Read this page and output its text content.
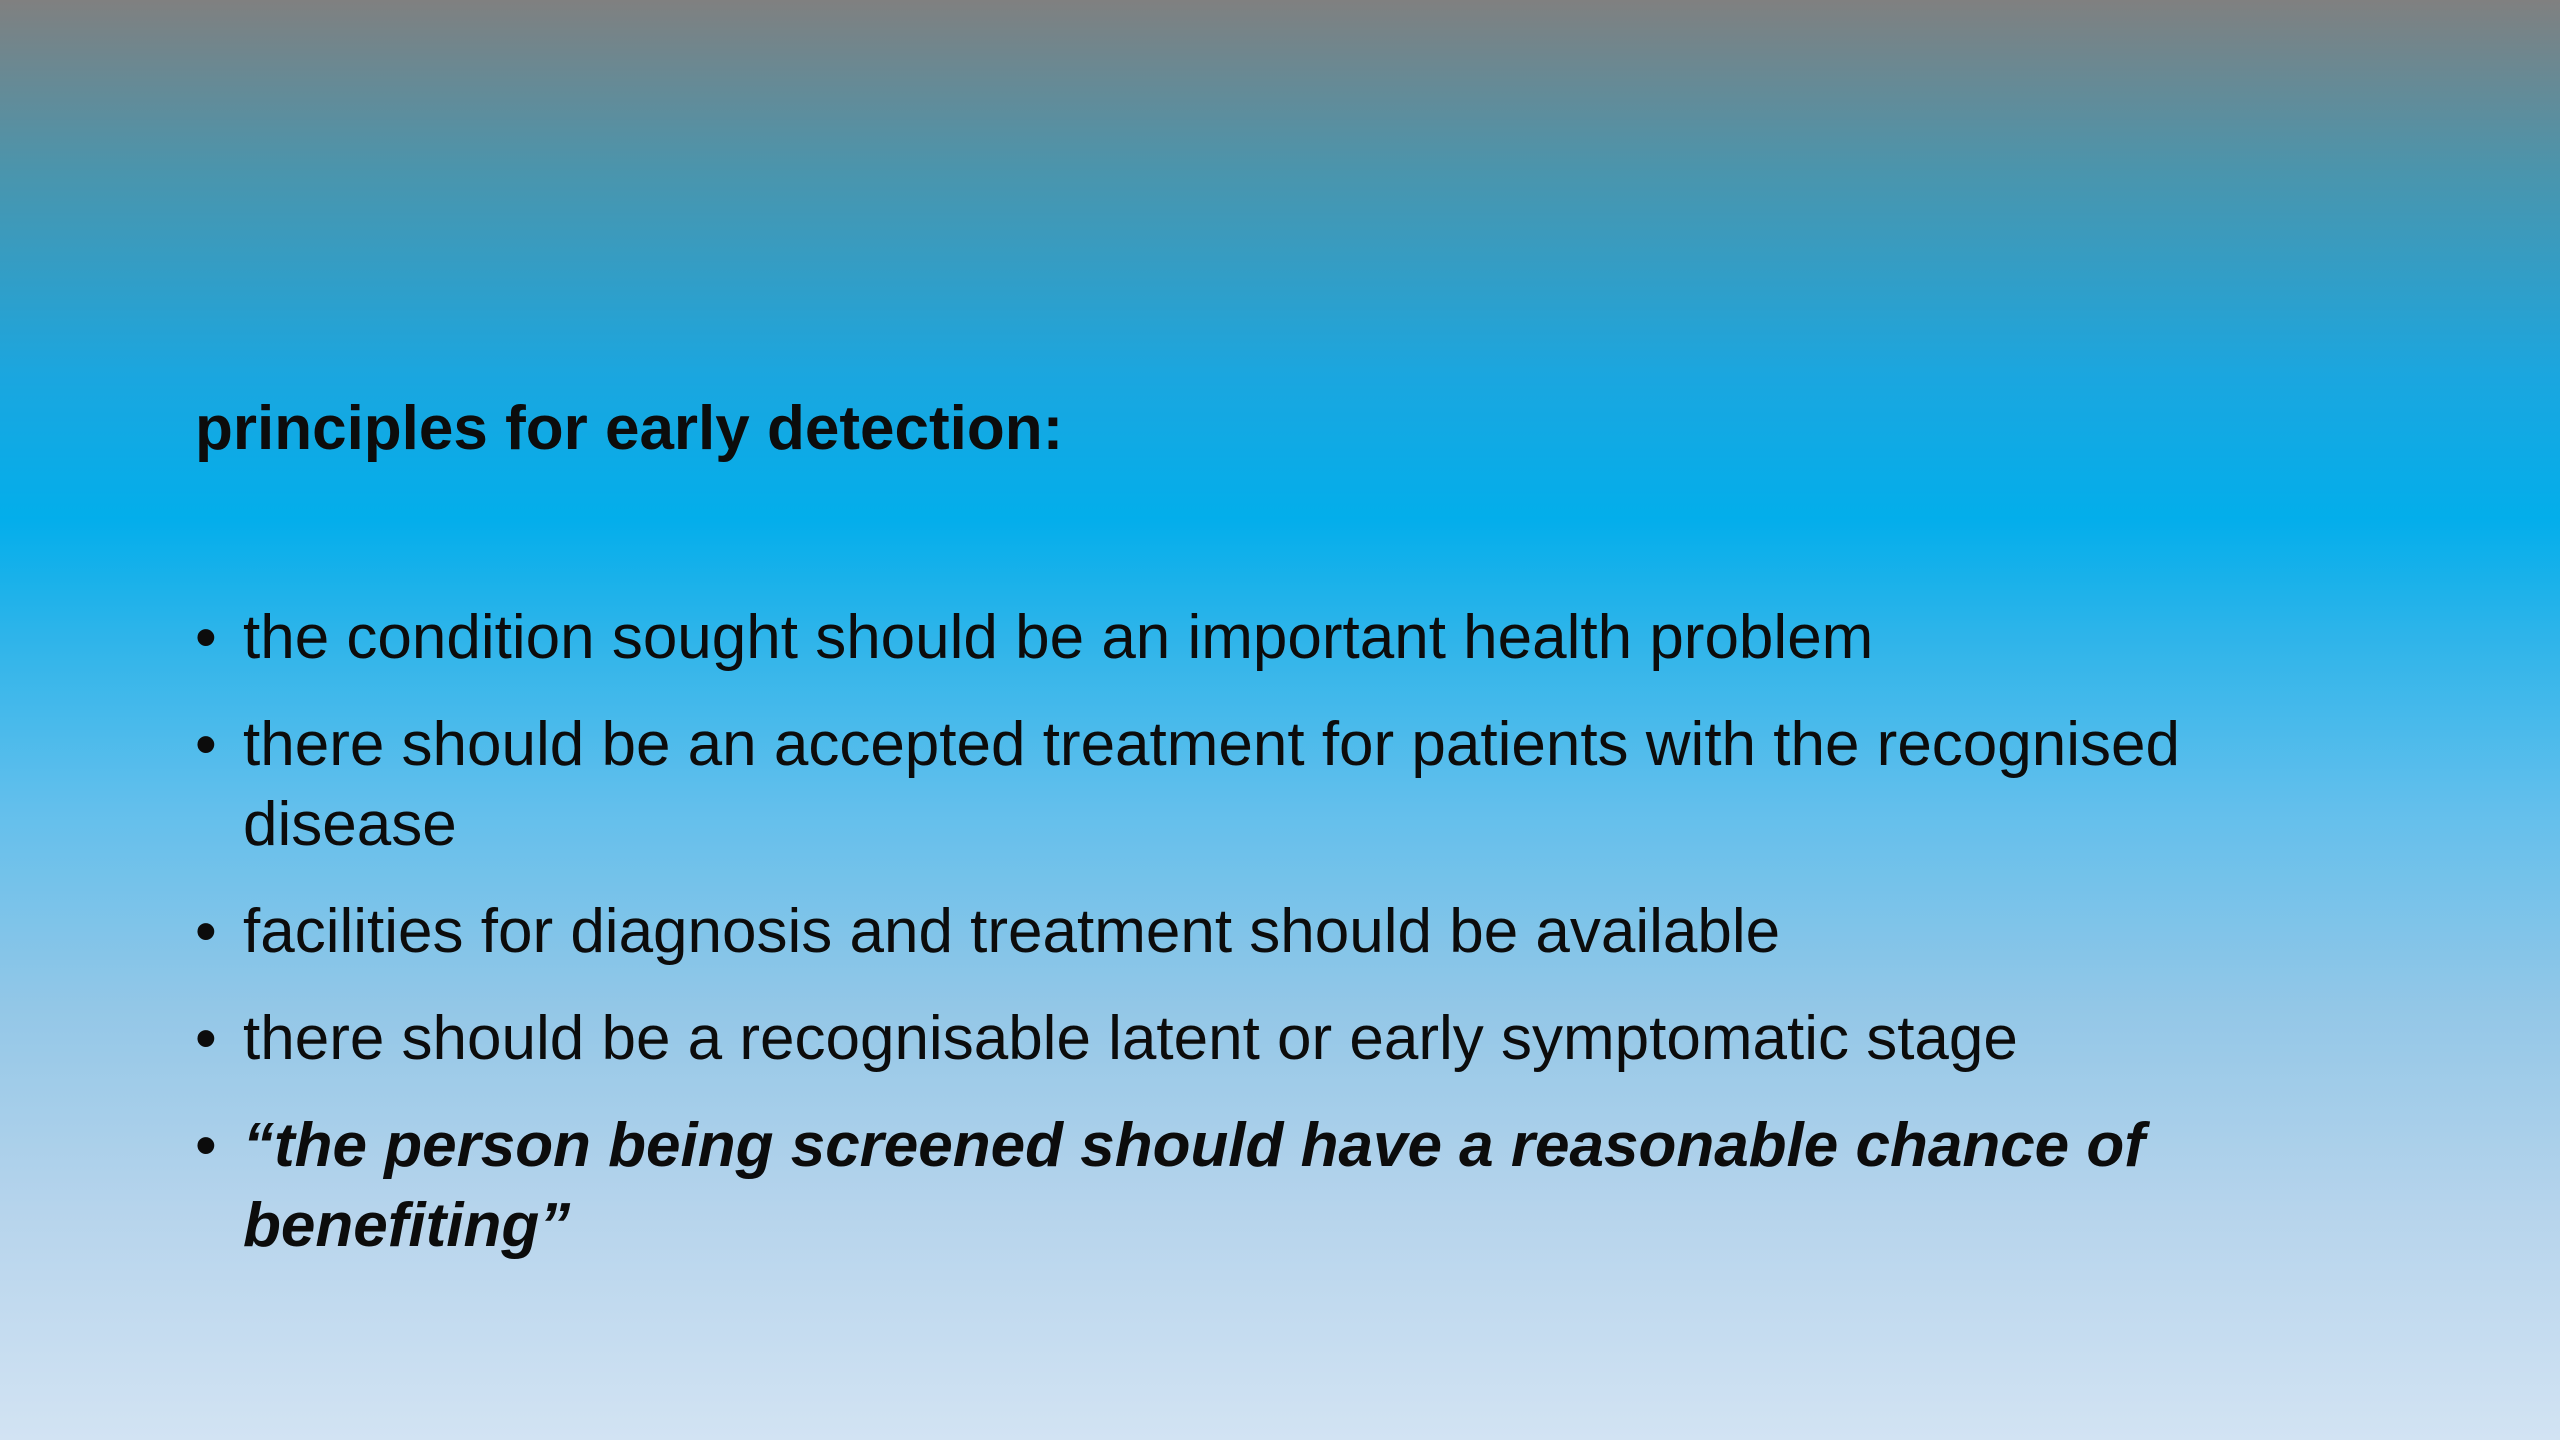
principles for early detection:
• the condition sought should be an important health problem
• there should be an accepted treatment for patients with the recognised disease
• facilities for diagnosis and treatment should be available
• there should be a recognisable latent or early symptomatic stage
• “the person being screened should have a reasonable chance of benefiting”
